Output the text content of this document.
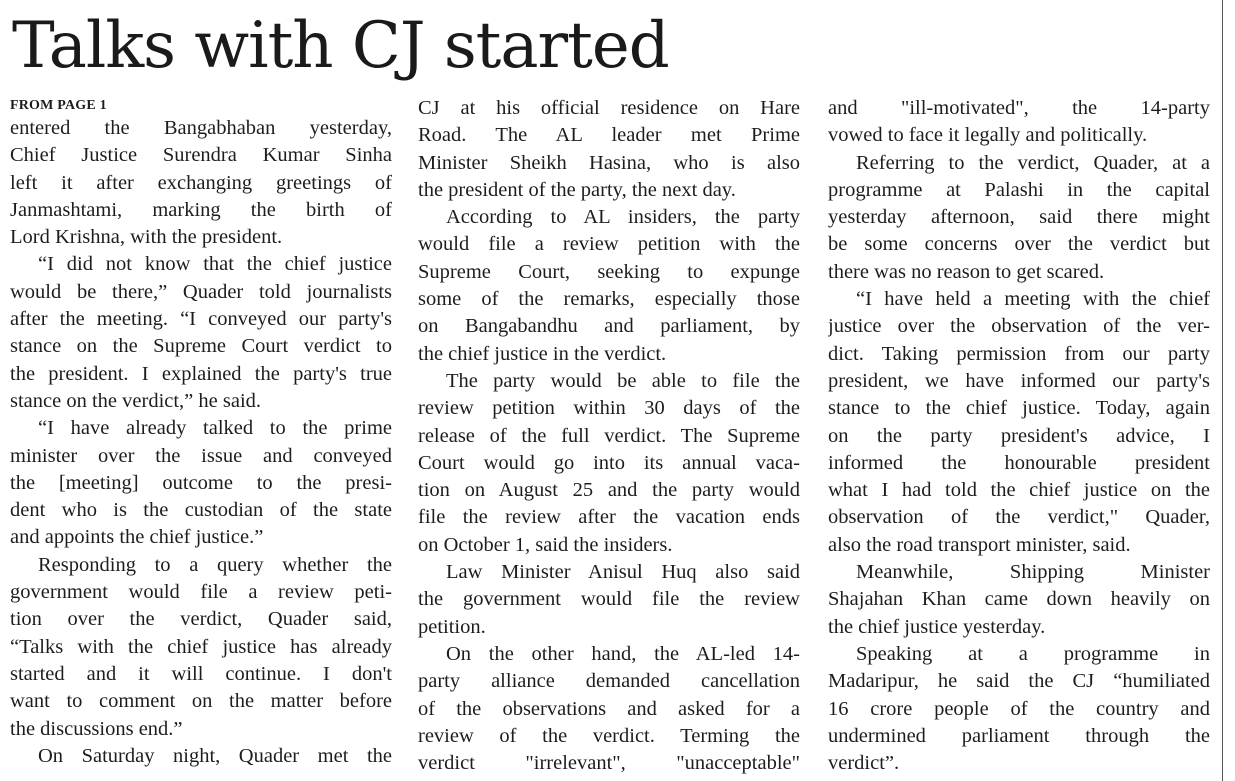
Talks with CJ started
FROM PAGE 1
entered the Bangabhaban yesterday,
Chief Justice Surendra Kumar Sinha
left it after exchanging greetings of
Janmashtami, marking the birth of
Lord Krishna, with the president.
“I did not know that the chief justice
would be there,” Quader told journalists
after the meeting. “I conveyed our party's
stance on the Supreme Court verdict to
the president. I explained the party's true
stance on the verdict,” he said.
“I have already talked to the prime
minister over the issue and conveyed
the [meeting] outcome to the presi-
dent who is the custodian of the state
and appoints the chief justice.”
Responding to a query whether the
government would file a review peti-
tion over the verdict, Quader said,
“Talks with the chief justice has already
started and it will continue. I don't
want to comment on the matter before
the discussions end.”
On Saturday night, Quader met the
CJ at his official residence on Hare
Road. The AL leader met Prime
Minister Sheikh Hasina, who is also
the president of the party, the next day.
According to AL insiders, the party
would file a review petition with the
Supreme Court, seeking to expunge
some of the remarks, especially those
on Bangabandhu and parliament, by
the chief justice in the verdict.
The party would be able to file the
review petition within 30 days of the
release of the full verdict. The Supreme
Court would go into its annual vaca-
tion on August 25 and the party would
file the review after the vacation ends
on October 1, said the insiders.
Law Minister Anisul Huq also said
the government would file the review
petition.
On the other hand, the AL-led 14-
party alliance demanded cancellation
of the observations and asked for a
review of the verdict. Terming the
verdict "irrelevant", "unacceptable"
and "ill-motivated", the 14-party
vowed to face it legally and politically.
Referring to the verdict, Quader, at a
programme at Palashi in the capital
yesterday afternoon, said there might
be some concerns over the verdict but
there was no reason to get scared.
“I have held a meeting with the chief
justice over the observation of the ver-
dict. Taking permission from our party
president, we have informed our party's
stance to the chief justice. Today, again
on the party president's advice, I
informed the honourable president
what I had told the chief justice on the
observation of the verdict," Quader,
also the road transport minister, said.
Meanwhile, Shipping Minister
Shajahan Khan came down heavily on
the chief justice yesterday.
Speaking at a programme in
Madaripur, he said the CJ “humiliated
16 crore people of the country and
undermined parliament through the
verdict”.
